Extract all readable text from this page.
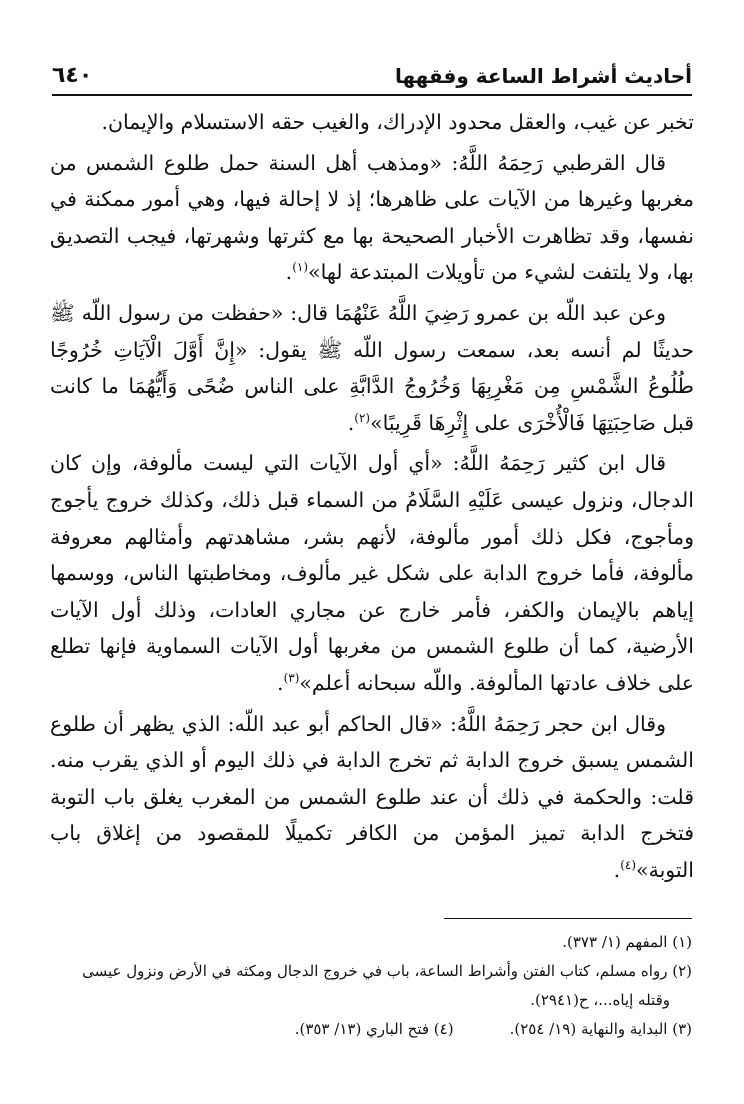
أحاديث أشراط الساعة وفقهها
٦٤٠

تخبر عن غيب، والعقل محدود الإدراك، والغيب حقه الاستسلام والإيمان.

قال القرطبي رَحِمَهُ اللَّهُ: «ومذهب أهل السنة حمل طلوع الشمس من مغربها وغيرها من الآيات على ظاهرها؛ إذ لا إحالة فيها، وهي أمور ممكنة في نفسها، وقد تظاهرت الأخبار الصحيحة بها مع كثرتها وشهرتها، فيجب التصديق بها، ولا يلتفت لشيء من تأويلات المبتدعة لها»$^{(١)}$.

وعن عبد اللّه بن عمرو رَضِيَ اللَّهُ عَنْهُمَا قال: «حفظت من رسول اللّه ﷺ حديثًا لم أنسه بعد، سمعت رسول اللّه ﷺ يقول: «إِنَّ أَوَّلَ الْآيَاتِ خُرُوجًا طُلُوعُ الشَّمْسِ مِن مَغْرِبِهَا وَخُرُوجُ الدَّابَّةِ على الناس ضُحًى وَأَيُّهُمَا ما كانت قبل صَاحِبَتِهَا فَالْأُخْرَى على إِثْرِهَا قَرِيبًا»$^{(٢)}$.

قال ابن كثير رَحِمَهُ اللَّهُ: «أي أول الآيات التي ليست مألوفة، وإن كان الدجال، ونزول عيسى عَلَيْهِ السَّلَامُ من السماء قبل ذلك، وكذلك خروج يأجوج ومأجوج، فكل ذلك أمور مألوفة، لأنهم بشر، مشاهدتهم وأمثالهم معروفة مألوفة، فأما خروج الدابة على شكل غير مألوف، ومخاطبتها الناس، ووسمها إياهم بالإيمان والكفر، فأمر خارج عن مجاري العادات، وذلك أول الآيات الأرضية، كما أن طلوع الشمس من مغربها أول الآيات السماوية فإنها تطلع على خلاف عادتها المألوفة. واللّه سبحانه أعلم»$^{(٣)}$.

وقال ابن حجر رَحِمَهُ اللَّهُ: «قال الحاكم أبو عبد اللّه: الذي يظهر أن طلوع الشمس يسبق خروج الدابة ثم تخرج الدابة في ذلك اليوم أو الذي يقرب منه. قلت: والحكمة في ذلك أن عند طلوع الشمس من المغرب يغلق باب التوبة فتخرج الدابة تميز المؤمن من الكافر تكميلًا للمقصود من إغلاق باب التوبة»$^{(٤)}$.

(١) المفهم (١/ ٣٧٣).

(٢) رواه مسلم، كتاب الفتن وأشراط الساعة، باب في خروج الدجال ومكثه في الأرض ونزول عيسى

وقتله إياه...، ح(٢٩٤١).

(٣) البداية والنهاية (١٩/ ٢٥٤).

(٤) فتح الباري (١٣/ ٣٥٣).
